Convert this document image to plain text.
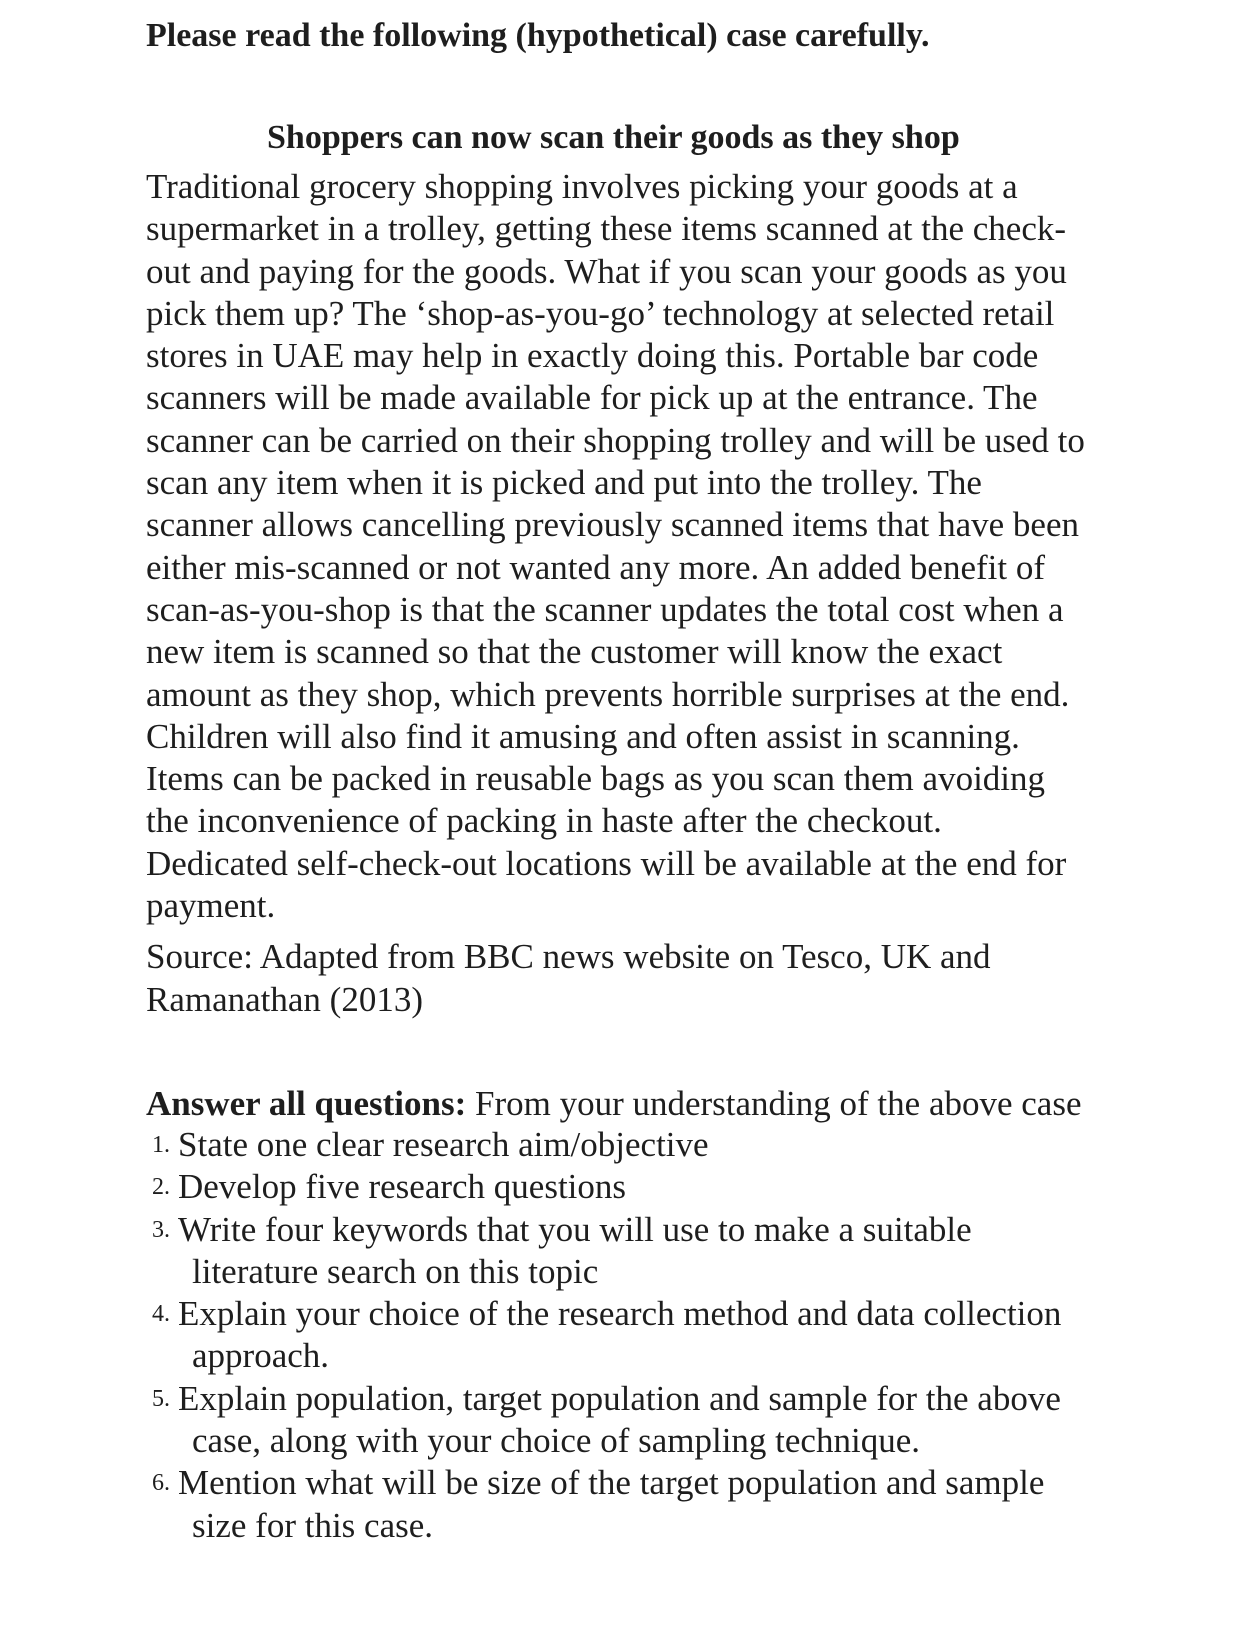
Please read the following (hypothetical) case carefully.

Shoppers can now scan their goods as they shop

Traditional grocery shopping involves picking your goods at a
supermarket in a trolley, getting these items scanned at the check-
out and paying for the goods. What if you scan your goods as you
pick them up? The ‘shop-as-you-go’ technology at selected retail
stores in UAE may help in exactly doing this. Portable bar code
scanners will be made available for pick up at the entrance. The
scanner can be carried on their shopping trolley and will be used to
scan any item when it is picked and put into the trolley. The
scanner allows cancelling previously scanned items that have been
either mis-scanned or not wanted any more. An added benefit of
scan-as-you-shop is that the scanner updates the total cost when a
new item is scanned so that the customer will know the exact
amount as they shop, which prevents horrible surprises at the end.
Children will also find it amusing and often assist in scanning.
Items can be packed in reusable bags as you scan them avoiding
the inconvenience of packing in haste after the checkout.
Dedicated self-check-out locations will be available at the end for
payment.

Source: Adapted from BBC news website on Tesco, UK and
Ramanathan (2013)

Answer all questions: From your understanding of the above case

1. State one clear research aim/objective
2. Develop five research questions
3. Write four keywords that you will use to make a suitable
literature search on this topic
4. Explain your choice of the research method and data collection
approach.
5. Explain population, target population and sample for the above
case, along with your choice of sampling technique.
6. Mention what will be size of the target population and sample
size for this case.
